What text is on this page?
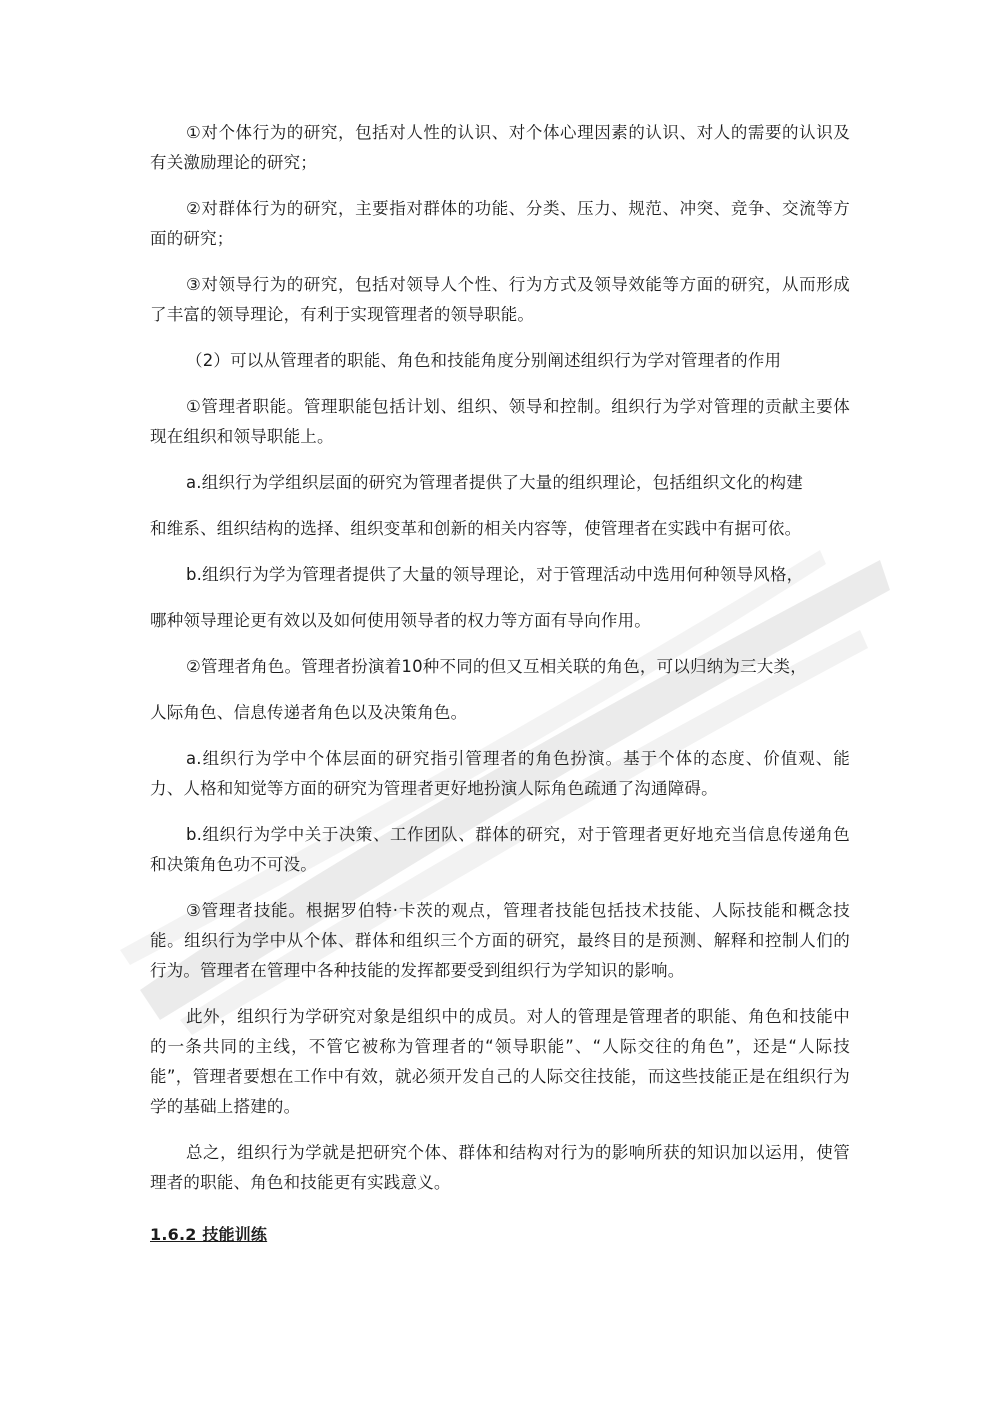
①对个体行为的研究，包括对人性的认识、对个体心理因素的认识、对人的需要的认识及有关激励理论的研究；

②对群体行为的研究，主要指对群体的功能、分类、压力、规范、冲突、竞争、交流等方面的研究；

③对领导行为的研究，包括对领导人个性、行为方式及领导效能等方面的研究，从而形成了丰富的领导理论，有利于实现管理者的领导职能。

（2）可以从管理者的职能、角色和技能角度分别阐述组织行为学对管理者的作用

①管理者职能。管理职能包括计划、组织、领导和控制。组织行为学对管理的贡献主要体现在组织和领导职能上。

a.组织行为学组织层面的研究为管理者提供了大量的组织理论，包括组织文化的构建

和维系、组织结构的选择、组织变革和创新的相关内容等，使管理者在实践中有据可依。

b.组织行为学为管理者提供了大量的领导理论，对于管理活动中选用何种领导风格，

哪种领导理论更有效以及如何使用领导者的权力等方面有导向作用。

②管理者角色。管理者扮演着10种不同的但又互相关联的角色，可以归纳为三大类，

人际角色、信息传递者角色以及决策角色。

a.组织行为学中个体层面的研究指引管理者的角色扮演。基于个体的态度、价值观、能力、人格和知觉等方面的研究为管理者更好地扮演人际角色疏通了沟通障碍。

b.组织行为学中关于决策、工作团队、群体的研究，对于管理者更好地充当信息传递角色和决策角色功不可没。

③管理者技能。根据罗伯特·卡茨的观点，管理者技能包括技术技能、人际技能和概念技能。组织行为学中从个体、群体和组织三个方面的研究，最终目的是预测、解释和控制人们的行为。管理者在管理中各种技能的发挥都要受到组织行为学知识的影响。

此外，组织行为学研究对象是组织中的成员。对人的管理是管理者的职能、角色和技能中的一条共同的主线，不管它被称为管理者的“领导职能”、“人际交往的角色”，还是“人际技能”，管理者要想在工作中有效，就必须开发自己的人际交往技能，而这些技能正是在组织行为学的基础上搭建的。

总之，组织行为学就是把研究个体、群体和结构对行为的影响所获的知识加以运用，使管理者的职能、角色和技能更有实践意义。

1.6.2 技能训练
